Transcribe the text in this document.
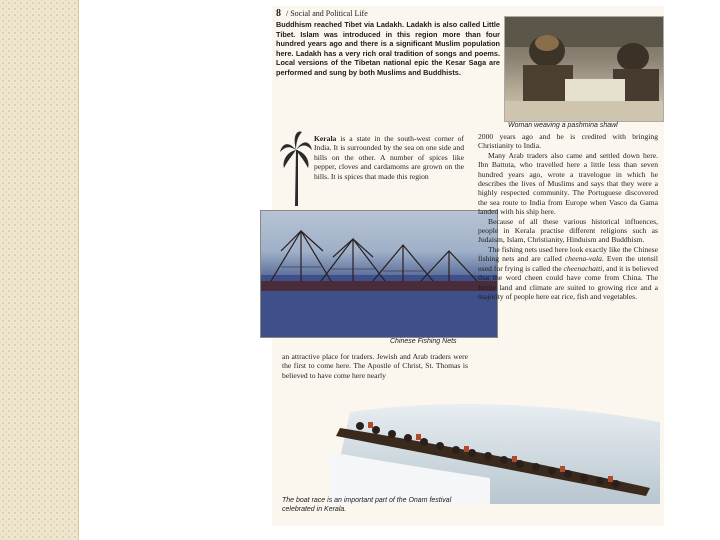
8 / Social and Political Life
Buddhism reached Tibet via Ladakh. Ladakh is also called Little Tibet. Islam was introduced in this region more than four hundred years ago and there is a significant Muslim population here. Ladakh has a very rich oral tradition of songs and poems. Local versions of the Tibetan national epic the Kesar Saga are performed and sung by both Muslims and Buddhists.
Woman weaving a pashmina shawl
Kerala is a state in the south-west corner of India. It is surrounded by the sea on one side and hills on the other. A number of spices like pepper, cloves and cardamoms are grown on the hills. It is spices that made this region
Chinese Fishing Nets
an attractive place for traders. Jewish and Arab traders were the first to come here. The Apostle of Christ, St. Thomas is believed to have come here nearly
2000 years ago and he is credited with bringing Christianity to India.
Many Arab traders also came and settled down here. Ibn Battuta, who travelled here a little less than seven hundred years ago, wrote a travelogue in which he describes the lives of Muslims and says that they were a highly respected community. The Portuguese discovered the sea route to India from Europe when Vasco da Gama landed with his ship here.
Because of all these various historical influences, people in Kerala practise different religions such as Judaism, Islam, Christianity, Hinduism and Buddhism.
The fishing nets used here look exactly like the Chinese fishing nets and are called cheena-vala. Even the utensil used for frying is called the cheenachatti, and it is believed that the word cheen could have come from China. The fertile land and climate are suited to growing rice and a majority of people here eat rice, fish and vegetables.
The boat race is an important part of the Onam festival celebrated in Kerala.
